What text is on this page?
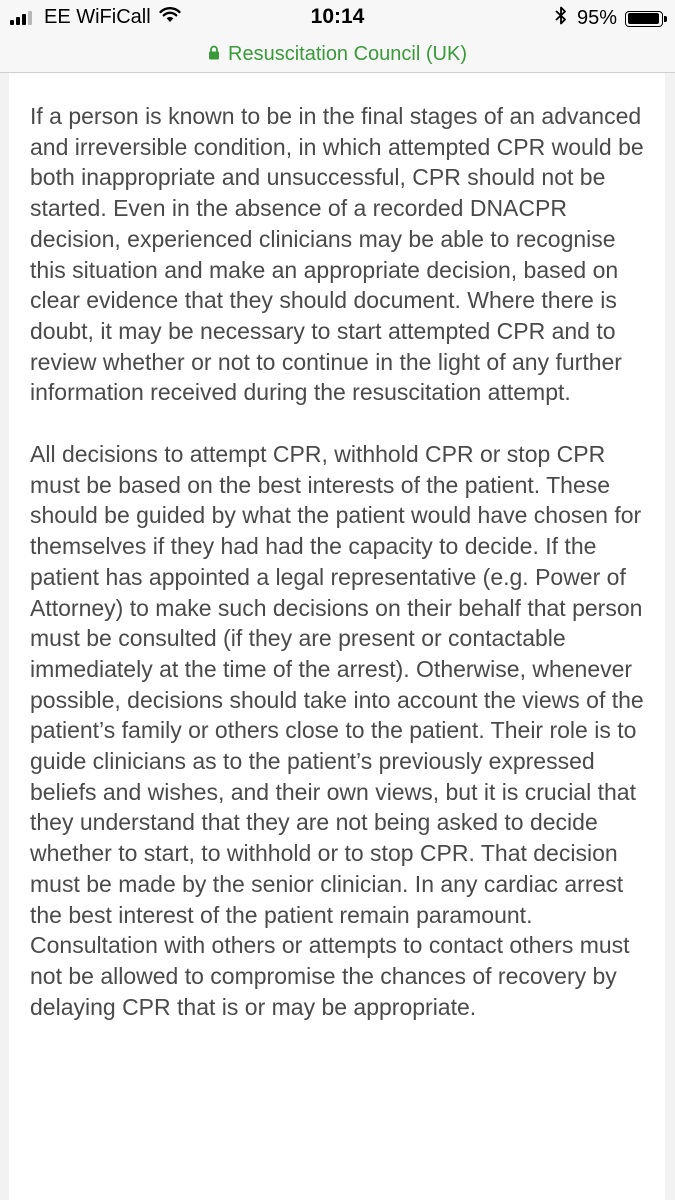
EE WiFiCall	10:14	95%
Resuscitation Council (UK)

If a person is known to be in the final stages of an advanced and irreversible condition, in which attempted CPR would be both inappropriate and unsuccessful, CPR should not be started. Even in the absence of a recorded DNACPR decision, experienced clinicians may be able to recognise this situation and make an appropriate decision, based on clear evidence that they should document. Where there is doubt, it may be necessary to start attempted CPR and to review whether or not to continue in the light of any further information received during the resuscitation attempt.

All decisions to attempt CPR, withhold CPR or stop CPR must be based on the best interests of the patient. These should be guided by what the patient would have chosen for themselves if they had had the capacity to decide. If the patient has appointed a legal representative (e.g. Power of Attorney) to make such decisions on their behalf that person must be consulted (if they are present or contactable immediately at the time of the arrest). Otherwise, whenever possible, decisions should take into account the views of the patient’s family or others close to the patient. Their role is to guide clinicians as to the patient’s previously expressed beliefs and wishes, and their own views, but it is crucial that they understand that they are not being asked to decide whether to start, to withhold or to stop CPR. That decision must be made by the senior clinician. In any cardiac arrest the best interest of the patient remain paramount. Consultation with others or attempts to contact others must not be allowed to compromise the chances of recovery by delaying CPR that is or may be appropriate.
